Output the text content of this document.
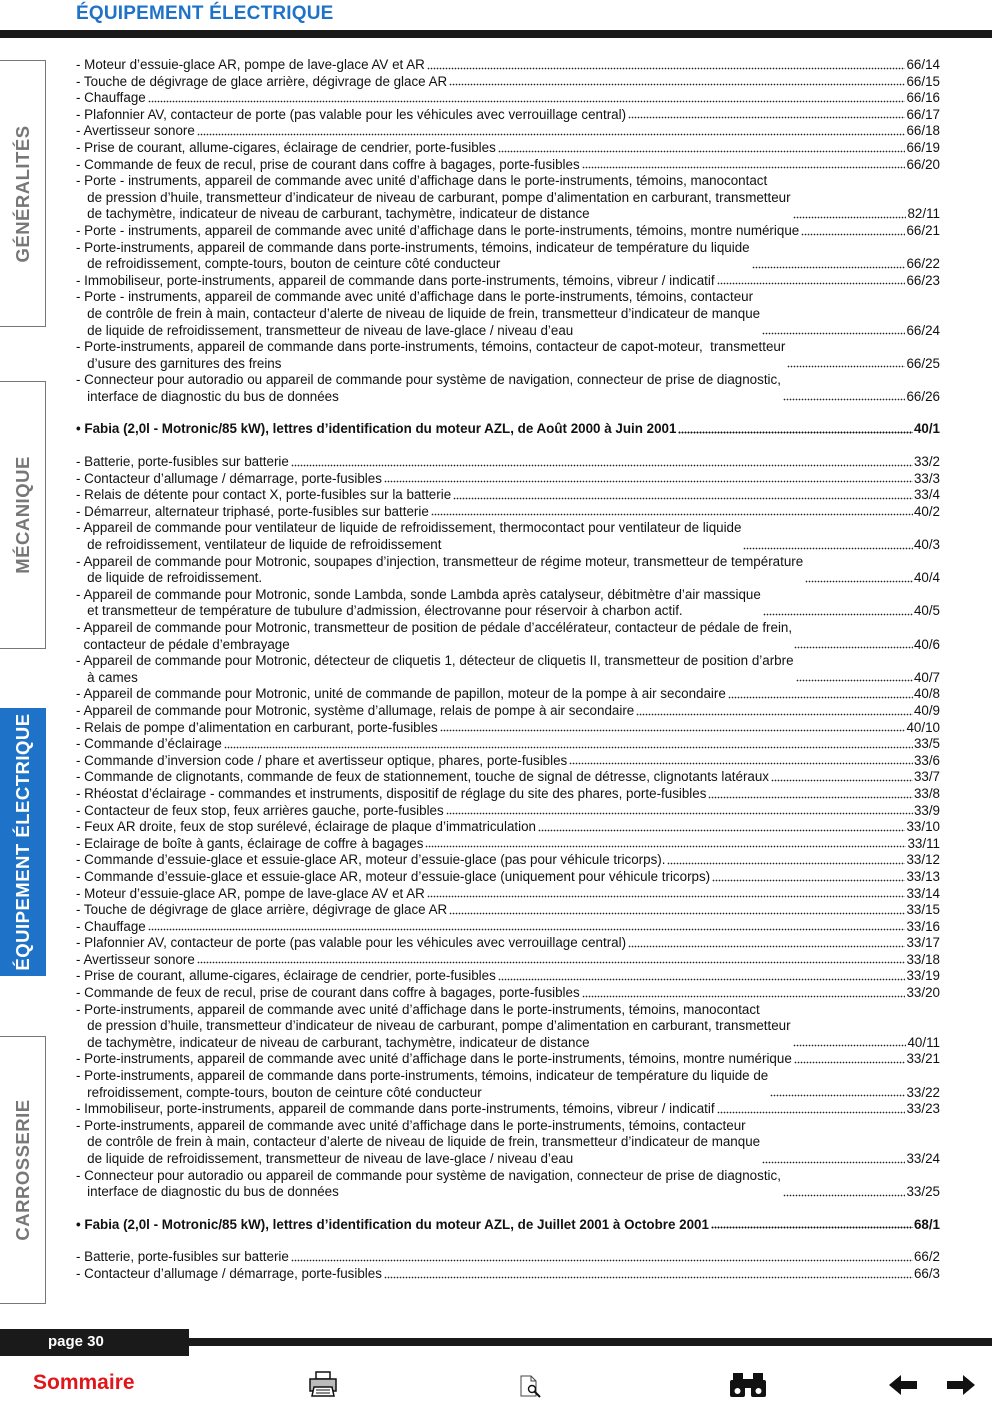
ÉQUIPEMENT ÉLECTRIQUE
GÉNÉRALITÉS
MÉCANIQUE
ÉQUIPEMENT ÉLECTRIQUE
CARROSSERIE
- Moteur d’essuie-glace AR, pompe de lave-glace AV et AR	66/14
- Touche de dégivrage de glace arrière, dégivrage de glace AR	66/15
- Chauffage	66/16
- Plafonnier AV, contacteur de porte (pas valable pour les véhicules avec verrouillage central)	66/17
- Avertisseur sonore	66/18
- Prise de courant, allume-cigares, éclairage de cendrier, porte-fusibles	66/19
- Commande de feux de recul, prise de courant dans coffre à bagages, porte-fusibles	66/20
- Porte - instruments, appareil de commande avec unité d’affichage dans le porte-instruments, témoins, manocontact
de pression d’huile, transmetteur d’indicateur de niveau de carburant, pompe d’alimentation en carburant, transmetteur
de tachymètre, indicateur de niveau de carburant, tachymètre, indicateur de distance	82/11
- Porte - instruments, appareil de commande avec unité d’affichage dans le porte-instruments, témoins, montre numérique	66/21
- Porte-instruments, appareil de commande dans porte-instruments, témoins, indicateur de température du liquide
de refroidissement, compte-tours, bouton de ceinture côté conducteur	66/22
- Immobiliseur, porte-instruments, appareil de commande dans porte-instruments, témoins, vibreur / indicatif	66/23
- Porte - instruments, appareil de commande avec unité d’affichage dans le porte-instruments, témoins, contacteur
de contrôle de frein à main, contacteur d’alerte de niveau de liquide de frein, transmetteur d’indicateur de manque
de liquide de refroidissement, transmetteur de niveau de lave-glace / niveau d’eau	66/24
- Porte-instruments, appareil de commande dans porte-instruments, témoins, contacteur de capot-moteur,  transmetteur
d’usure des garnitures des freins	66/25
- Connecteur pour autoradio ou appareil de commande pour système de navigation, connecteur de prise de diagnostic,
interface de diagnostic du bus de données	66/26
• Fabia (2,0l - Motronic/85 kW), lettres d’identification du moteur AZL, de Août 2000 à Juin 2001	40/1
- Batterie, porte-fusibles sur batterie	33/2
- Contacteur d’allumage / démarrage, porte-fusibles	33/3
- Relais de détente pour contact X, porte-fusibles sur la batterie	33/4
- Démarreur, alternateur triphasé, porte-fusibles sur batterie	40/2
- Appareil de commande pour ventilateur de liquide de refroidissement, thermocontact pour ventilateur de liquide
de refroidissement, ventilateur de liquide de refroidissement	40/3
- Appareil de commande pour Motronic, soupapes d’injection, transmetteur de régime moteur, transmetteur de température
de liquide de refroidissement.	40/4
- Appareil de commande pour Motronic, sonde Lambda, sonde Lambda après catalyseur, débitmètre d’air massique
et transmetteur de température de tubulure d’admission, électrovanne pour réservoir à charbon actif.	40/5
- Appareil de commande pour Motronic, transmetteur de position de pédale d’accélérateur, contacteur de pédale de frein,
contacteur de pédale d’embrayage	40/6
- Appareil de commande pour Motronic, détecteur de cliquetis 1, détecteur de cliquetis II, transmetteur de position d’arbre
à cames	40/7
- Appareil de commande pour Motronic, unité de commande de papillon, moteur de la pompe à air secondaire	40/8
- Appareil de commande pour Motronic, système d’allumage, relais de pompe à air secondaire	40/9
- Relais de pompe d’alimentation en carburant, porte-fusibles	40/10
- Commande d’éclairage	33/5
- Commande d’inversion code / phare et avertisseur optique, phares, porte-fusibles	33/6
- Commande de clignotants, commande de feux de stationnement, touche de signal de détresse, clignotants latéraux	33/7
- Rhéostat d’éclairage - commandes et instruments, dispositif de réglage du site des phares, porte-fusibles	33/8
- Contacteur de feux stop, feux arrières gauche, porte-fusibles	33/9
- Feux AR droite, feux de stop surélevé, éclairage de plaque d’immatriculation	33/10
- Eclairage de boîte à gants, éclairage de coffre à bagages	33/11
- Commande d’essuie-glace et essuie-glace AR, moteur d’essuie-glace (pas pour véhicule tricorps).	33/12
- Commande d’essuie-glace et essuie-glace AR, moteur d’essuie-glace (uniquement pour véhicule tricorps)	33/13
- Moteur d’essuie-glace AR, pompe de lave-glace AV et AR	33/14
- Touche de dégivrage de glace arrière, dégivrage de glace AR	33/15
- Chauffage	33/16
- Plafonnier AV, contacteur de porte (pas valable pour les véhicules avec verrouillage central)	33/17
- Avertisseur sonore	33/18
- Prise de courant, allume-cigares, éclairage de cendrier, porte-fusibles	33/19
- Commande de feux de recul, prise de courant dans coffre à bagages, porte-fusibles	33/20
- Porte-instruments, appareil de commande avec unité d’affichage dans le porte-instruments, témoins, manocontact
de pression d’huile, transmetteur d’indicateur de niveau de carburant, pompe d’alimentation en carburant, transmetteur
de tachymètre, indicateur de niveau de carburant, tachymètre, indicateur de distance	40/11
- Porte-instruments, appareil de commande avec unité d’affichage dans le porte-instruments, témoins, montre numérique	33/21
- Porte-instruments, appareil de commande dans porte-instruments, témoins, indicateur de température du liquide de
refroidissement, compte-tours, bouton de ceinture côté conducteur	33/22
- Immobiliseur, porte-instruments, appareil de commande dans porte-instruments, témoins, vibreur / indicatif	33/23
- Porte-instruments, appareil de commande avec unité d’affichage dans le porte-instruments, témoins, contacteur
de contrôle de frein à main, contacteur d’alerte de niveau de liquide de frein, transmetteur d’indicateur de manque
de liquide de refroidissement, transmetteur de niveau de lave-glace / niveau d’eau	33/24
- Connecteur pour autoradio ou appareil de commande pour système de navigation, connecteur de prise de diagnostic,
interface de diagnostic du bus de données	33/25
• Fabia (2,0l - Motronic/85 kW), lettres d’identification du moteur AZL, de Juillet 2001 à Octobre 2001	68/1
- Batterie, porte-fusibles sur batterie	66/2
- Contacteur d’allumage / démarrage, porte-fusibles	66/3
page 30
Sommaire
